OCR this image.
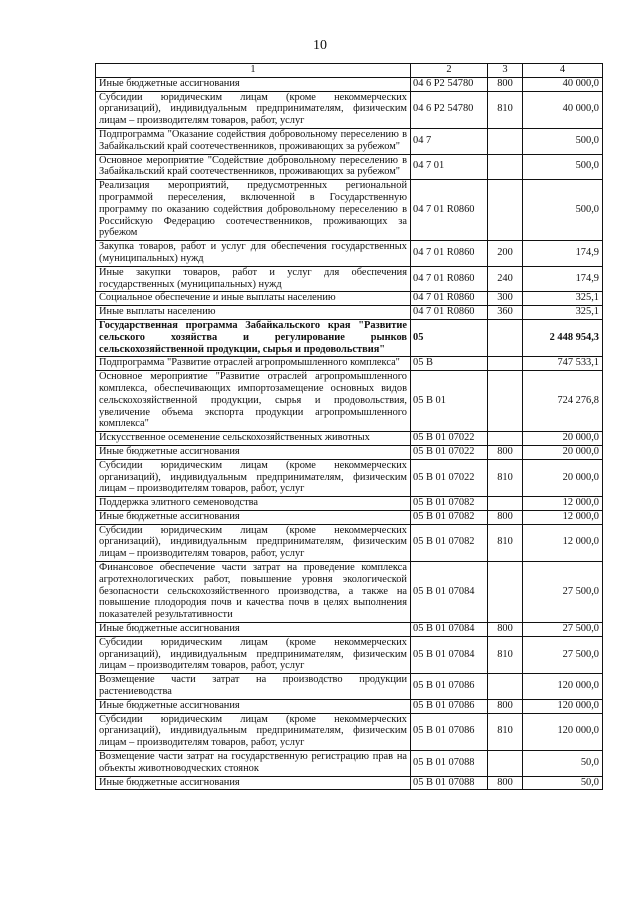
10
1	2	3	4
Иные бюджетные ассигнования	04 6 P2 54780	800	40 000,0
Субсидии юридическим лицам (кроме некоммерческих организаций), индивидуальным предпринимателям, физическим лицам – производителям товаров, работ, услуг	04 6 P2 54780	810	40 000,0
Подпрограмма "Оказание содействия добровольному переселению в Забайкальский край соотечественников, проживающих за рубежом"	04 7		500,0
Основное мероприятие "Содействие добровольному переселению в Забайкальский край соотечественников, проживающих за рубежом"	04 7 01		500,0
Реализация мероприятий, предусмотренных региональной программой переселения, включенной в Государственную программу по оказанию содействия добровольному переселению в Российскую Федерацию соотечественников, проживающих за рубежом	04 7 01 R0860		500,0
Закупка товаров, работ и услуг для обеспечения государственных (муниципальных) нужд	04 7 01 R0860	200	174,9
Иные закупки товаров, работ и услуг для обеспечения государственных (муниципальных) нужд	04 7 01 R0860	240	174,9
Социальное обеспечение и иные выплаты населению	04 7 01 R0860	300	325,1
Иные выплаты населению	04 7 01 R0860	360	325,1
Государственная программа Забайкальского края "Развитие сельского хозяйства и регулирование рынков сельскохозяйственной продукции, сырья и продовольствия"	05		2 448 954,3
Подпрограмма "Развитие отраслей агропромышленного комплекса"	05 B		747 533,1
Основное мероприятие "Развитие отраслей агропромышленного комплекса, обеспечивающих импортозамещение основных видов сельскохозяйственной продукции, сырья и продовольствия, увеличение объема экспорта продукции агропромышленного комплекса"	05 B 01		724 276,8
Искусственное осеменение сельскохозяйственных животных	05 B 01 07022		20 000,0
Иные бюджетные ассигнования	05 B 01 07022	800	20 000,0
Субсидии юридическим лицам (кроме некоммерческих организаций), индивидуальным предпринимателям, физическим лицам – производителям товаров, работ, услуг	05 B 01 07022	810	20 000,0
Поддержка элитного семеноводства	05 B 01 07082		12 000,0
Иные бюджетные ассигнования	05 B 01 07082	800	12 000,0
Субсидии юридическим лицам (кроме некоммерческих организаций), индивидуальным предпринимателям, физическим лицам – производителям товаров, работ, услуг	05 B 01 07082	810	12 000,0
Финансовое обеспечение части затрат на проведение комплекса агротехнологических работ, повышение уровня экологической безопасности сельскохозяйственного производства, а также на повышение плодородия почв и качества почв в целях выполнения показателей результативности	05 B 01 07084		27 500,0
Иные бюджетные ассигнования	05 B 01 07084	800	27 500,0
Субсидии юридическим лицам (кроме некоммерческих организаций), индивидуальным предпринимателям, физическим лицам – производителям товаров, работ, услуг	05 B 01 07084	810	27 500,0
Возмещение части затрат на производство продукции растениеводства	05 B 01 07086		120 000,0
Иные бюджетные ассигнования	05 B 01 07086	800	120 000,0
Субсидии юридическим лицам (кроме некоммерческих организаций), индивидуальным предпринимателям, физическим лицам – производителям товаров, работ, услуг	05 B 01 07086	810	120 000,0
Возмещение части затрат на государственную регистрацию прав на объекты животноводческих стоянок	05 B 01 07088		50,0
Иные бюджетные ассигнования	05 B 01 07088	800	50,0
